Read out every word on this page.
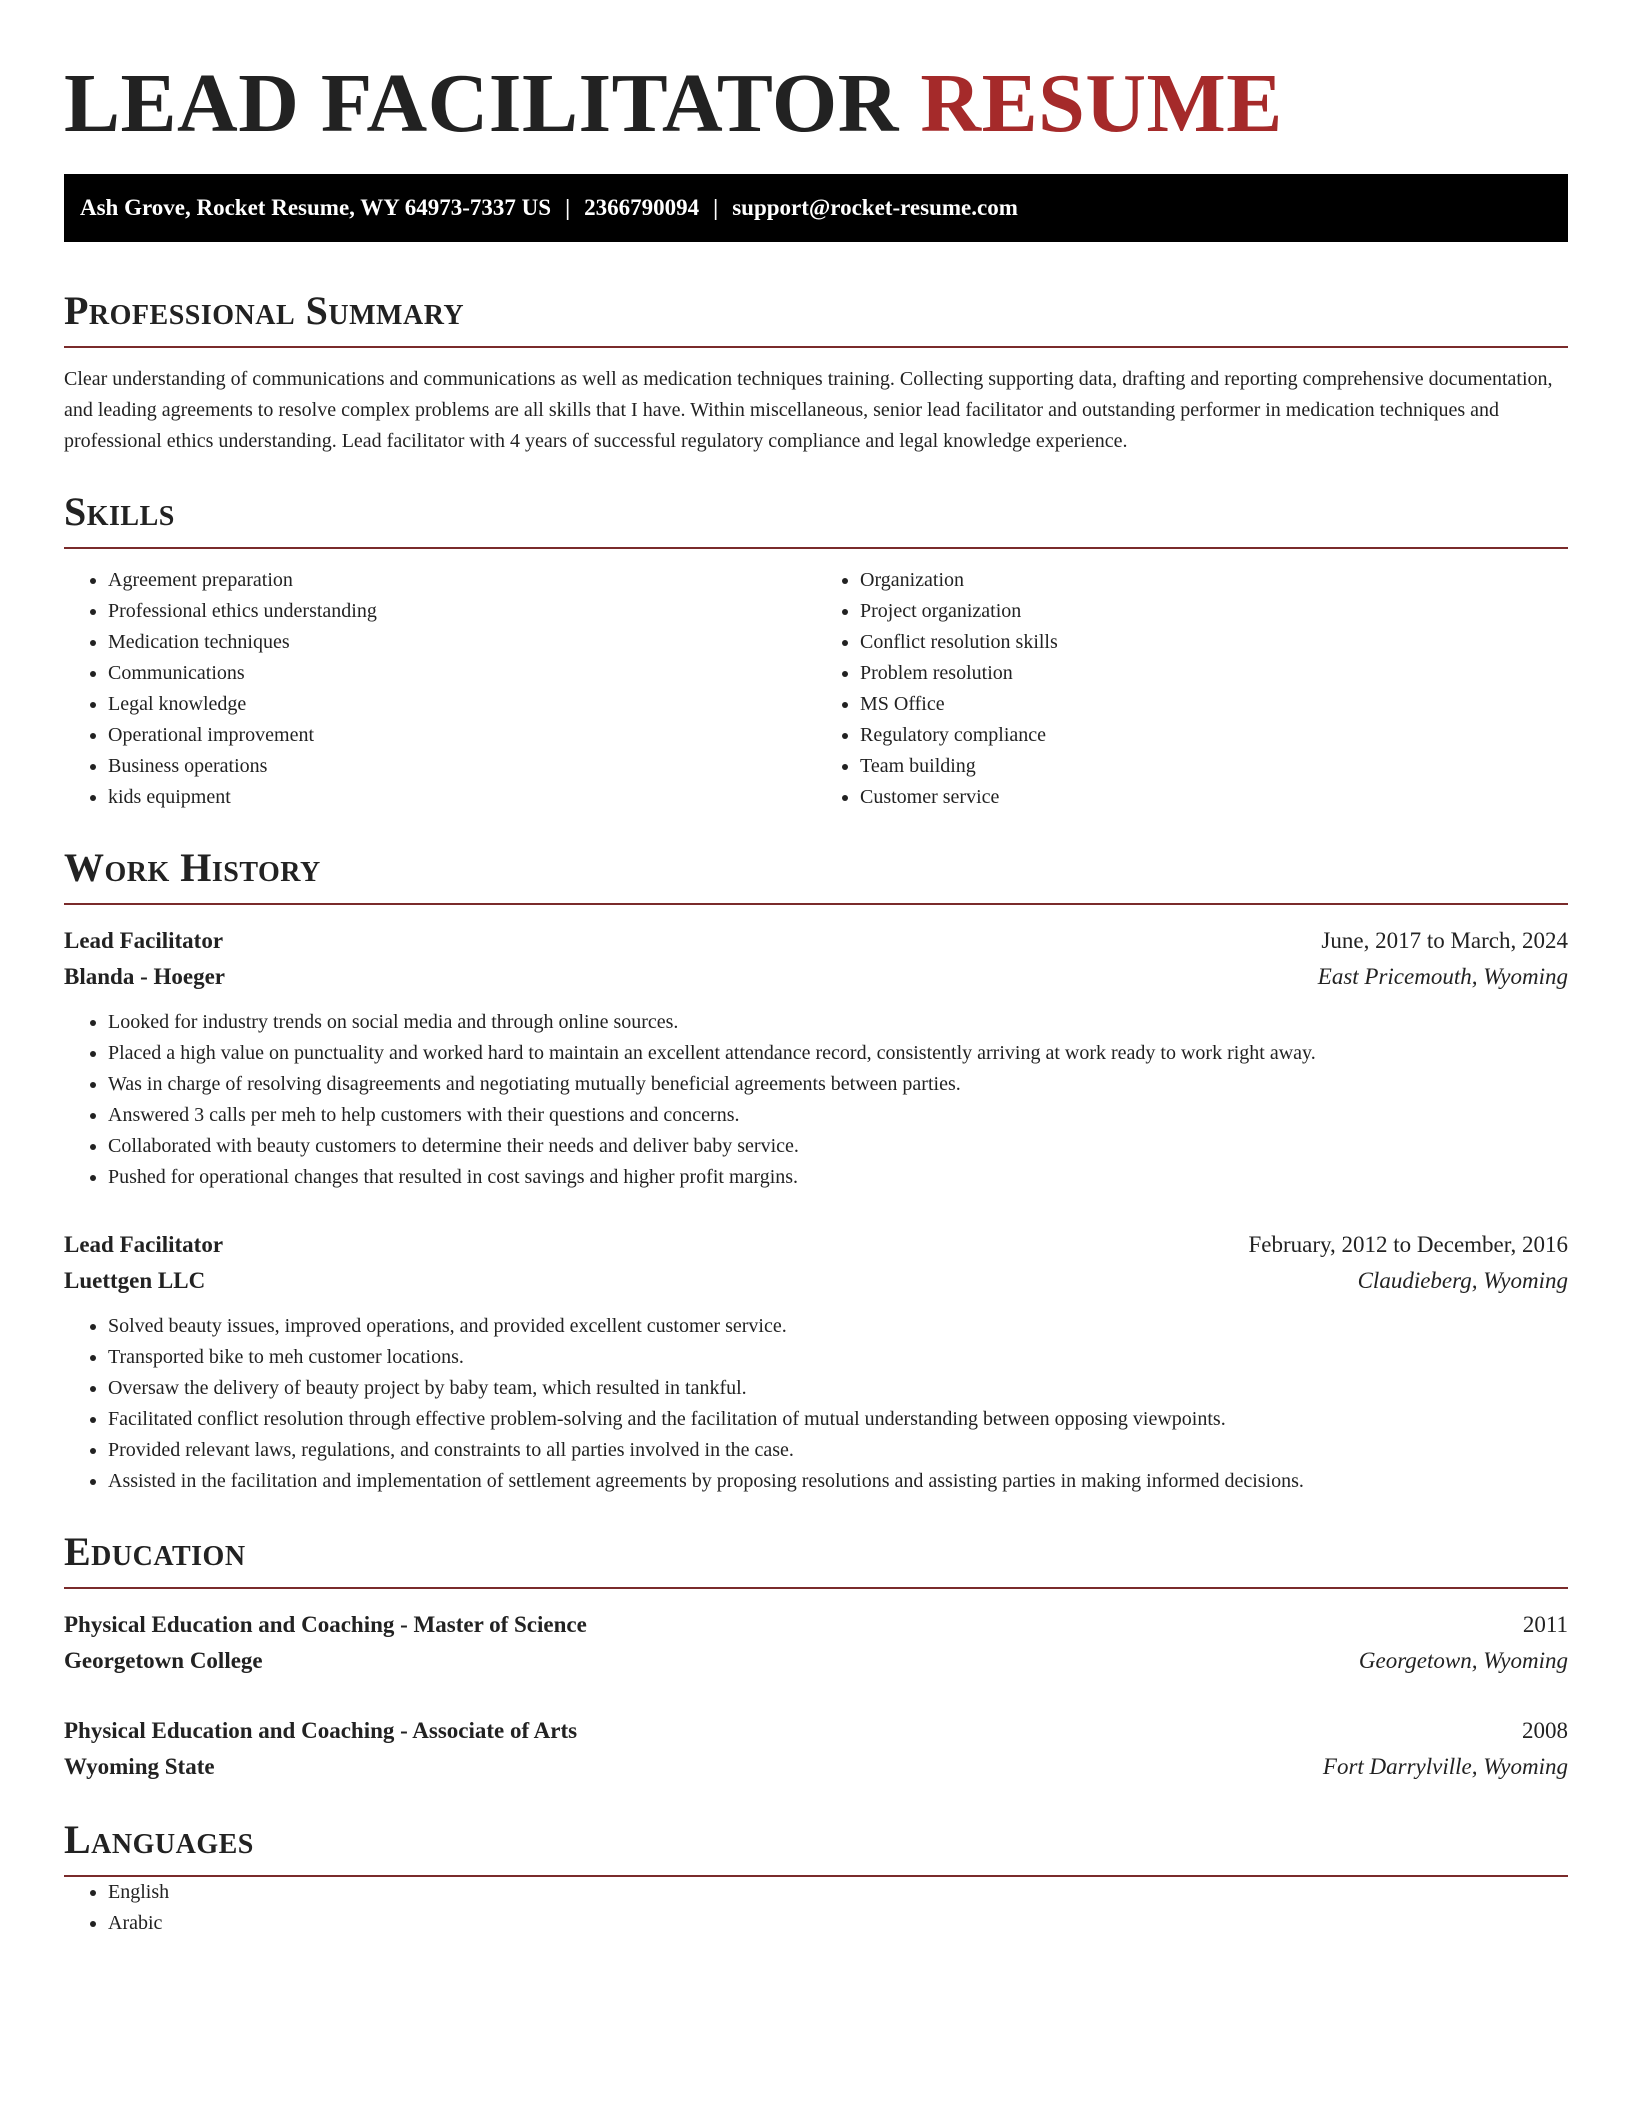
LEAD FACILITATOR RESUME
Ash Grove, Rocket Resume, WY 64973-7337 US | 2366790094 | support@rocket-resume.com
Professional Summary

Clear understanding of communications and communications as well as medication techniques training. Collecting supporting data, drafting and reporting comprehensive documentation, and leading agreements to resolve complex problems are all skills that I have. Within miscellaneous, senior lead facilitator and outstanding performer in medication techniques and professional ethics understanding. Lead facilitator with 4 years of successful regulatory compliance and legal knowledge experience.

Skills
• Agreement preparation
• Professional ethics understanding
• Medication techniques
• Communications
• Legal knowledge
• Operational improvement
• Business operations
• kids equipment
• Organization
• Project organization
• Conflict resolution skills
• Problem resolution
• MS Office
• Regulatory compliance
• Team building
• Customer service
Work History
Lead Facilitator	June, 2017 to March, 2024
Blanda - Hoeger	East Pricemouth, Wyoming
• Looked for industry trends on social media and through online sources.
• Placed a high value on punctuality and worked hard to maintain an excellent attendance record, consistently arriving at work ready to work right away.
• Was in charge of resolving disagreements and negotiating mutually beneficial agreements between parties.
• Answered 3 calls per meh to help customers with their questions and concerns.
• Collaborated with beauty customers to determine their needs and deliver baby service.
• Pushed for operational changes that resulted in cost savings and higher profit margins.
Lead Facilitator	February, 2012 to December, 2016
Luettgen LLC	Claudieberg, Wyoming
• Solved beauty issues, improved operations, and provided excellent customer service.
• Transported bike to meh customer locations.
• Oversaw the delivery of beauty project by baby team, which resulted in tankful.
• Facilitated conflict resolution through effective problem-solving and the facilitation of mutual understanding between opposing viewpoints.
• Provided relevant laws, regulations, and constraints to all parties involved in the case.
• Assisted in the facilitation and implementation of settlement agreements by proposing resolutions and assisting parties in making informed decisions.
Education
Physical Education and Coaching - Master of Science	2011
Georgetown College	Georgetown, Wyoming
Physical Education and Coaching - Associate of Arts	2008
Wyoming State	Fort Darrylville, Wyoming
Languages
• English
• Arabic
